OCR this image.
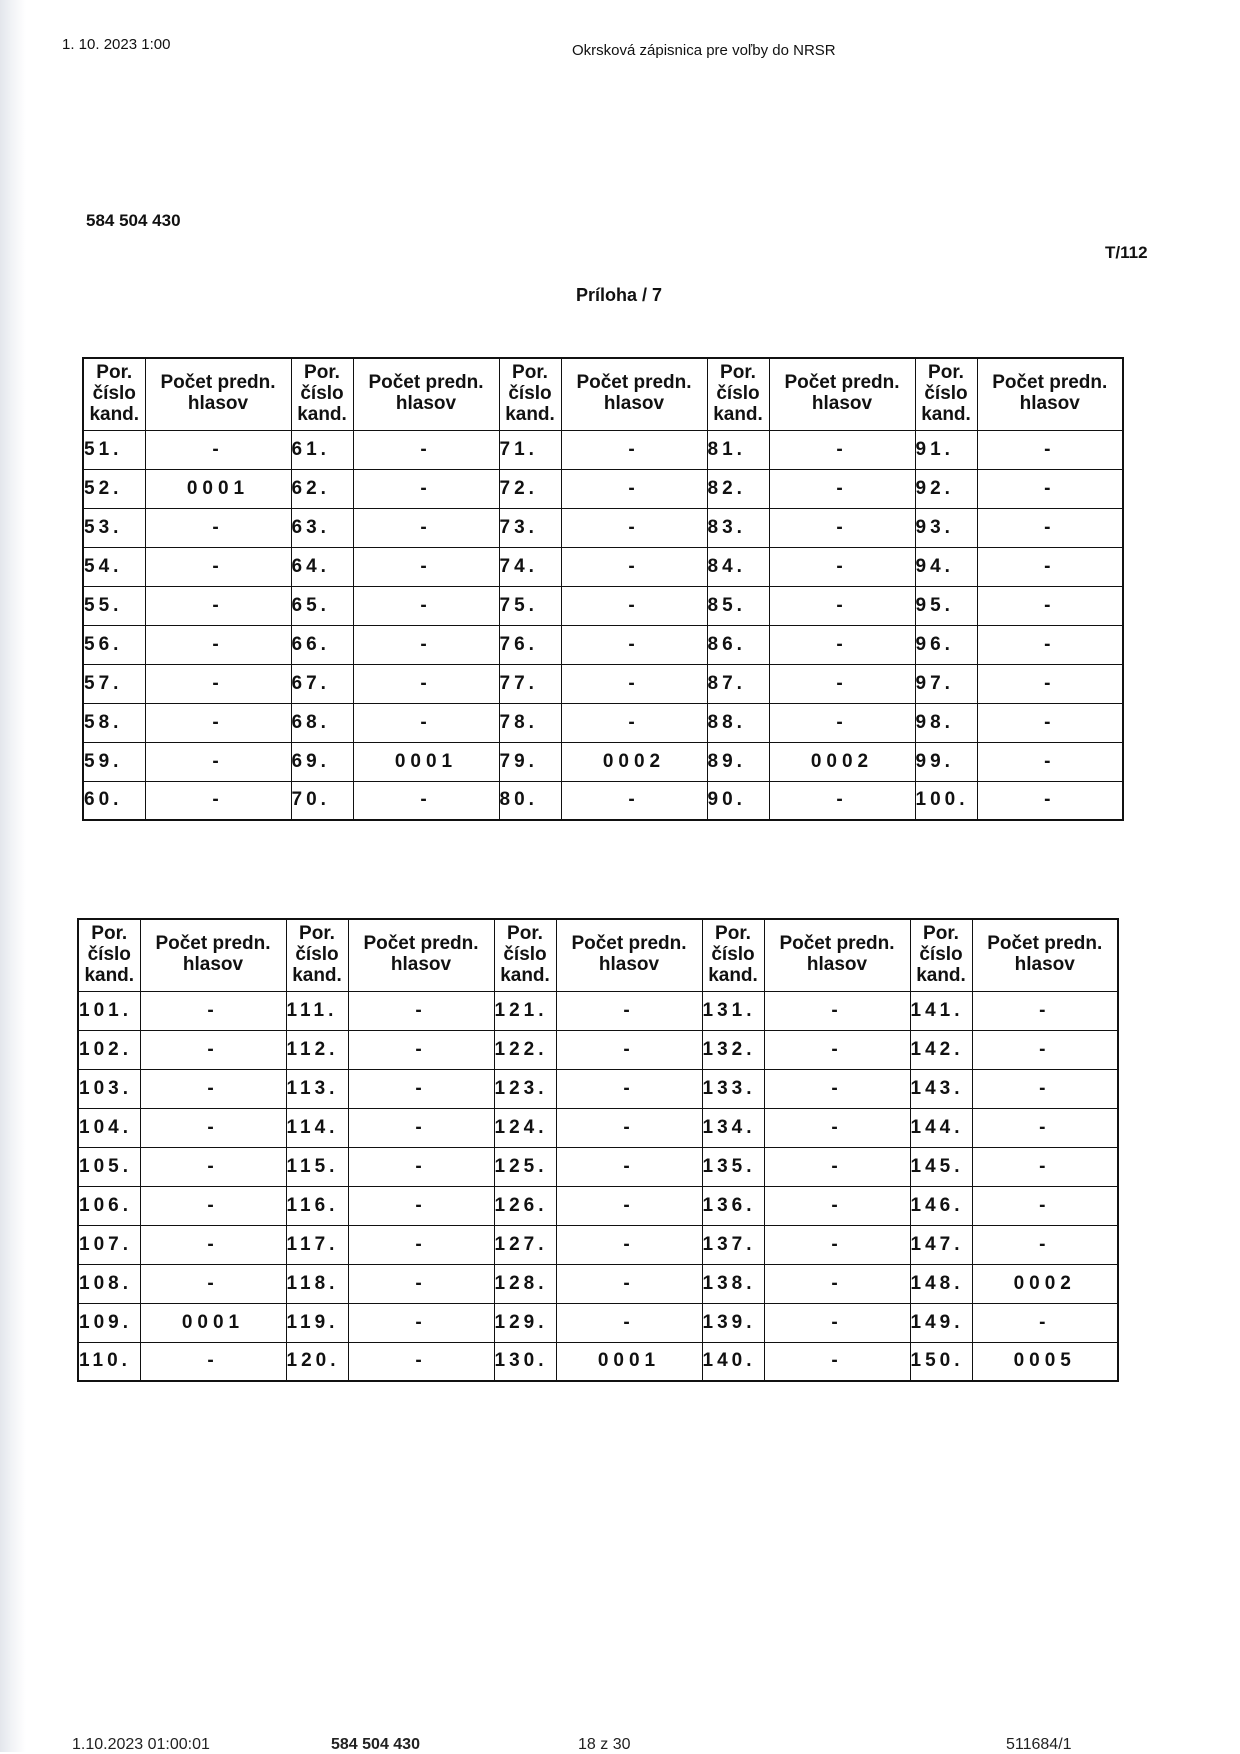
1. 10. 2023 1:00	Okrsková zápisnica pre voľby do NRSR
584 504 430
T/112
Príloha / 7
Por.
číslo
kand.	Počet predn.
hlasov	Por.
číslo
kand.	Počet predn.
hlasov	Por.
číslo
kand.	Počet predn.
hlasov	Por.
číslo
kand.	Počet predn.
hlasov	Por.
číslo
kand.	Počet predn.
hlasov
51.	-	61.	-	71.	-	81.	-	91.	-
52.	0001	62.	-	72.	-	82.	-	92.	-
53.	-	63.	-	73.	-	83.	-	93.	-
54.	-	64.	-	74.	-	84.	-	94.	-
55.	-	65.	-	75.	-	85.	-	95.	-
56.	-	66.	-	76.	-	86.	-	96.	-
57.	-	67.	-	77.	-	87.	-	97.	-
58.	-	68.	-	78.	-	88.	-	98.	-
59.	-	69.	0001	79.	0002	89.	0002	99.	-
60.	-	70.	-	80.	-	90.	-	100.	-
Por.
číslo
kand.	Počet predn.
hlasov	Por.
číslo
kand.	Počet predn.
hlasov	Por.
číslo
kand.	Počet predn.
hlasov	Por.
číslo
kand.	Počet predn.
hlasov	Por.
číslo
kand.	Počet predn.
hlasov
101.	-	111.	-	121.	-	131.	-	141.	-
102.	-	112.	-	122.	-	132.	-	142.	-
103.	-	113.	-	123.	-	133.	-	143.	-
104.	-	114.	-	124.	-	134.	-	144.	-
105.	-	115.	-	125.	-	135.	-	145.	-
106.	-	116.	-	126.	-	136.	-	146.	-
107.	-	117.	-	127.	-	137.	-	147.	-
108.	-	118.	-	128.	-	138.	-	148.	0002
109.	0001	119.	-	129.	-	139.	-	149.	-
110.	-	120.	-	130.	0001	140.	-	150.	0005
1.10.2023 01:00:01	584 504 430	18 z 30	511684/1
